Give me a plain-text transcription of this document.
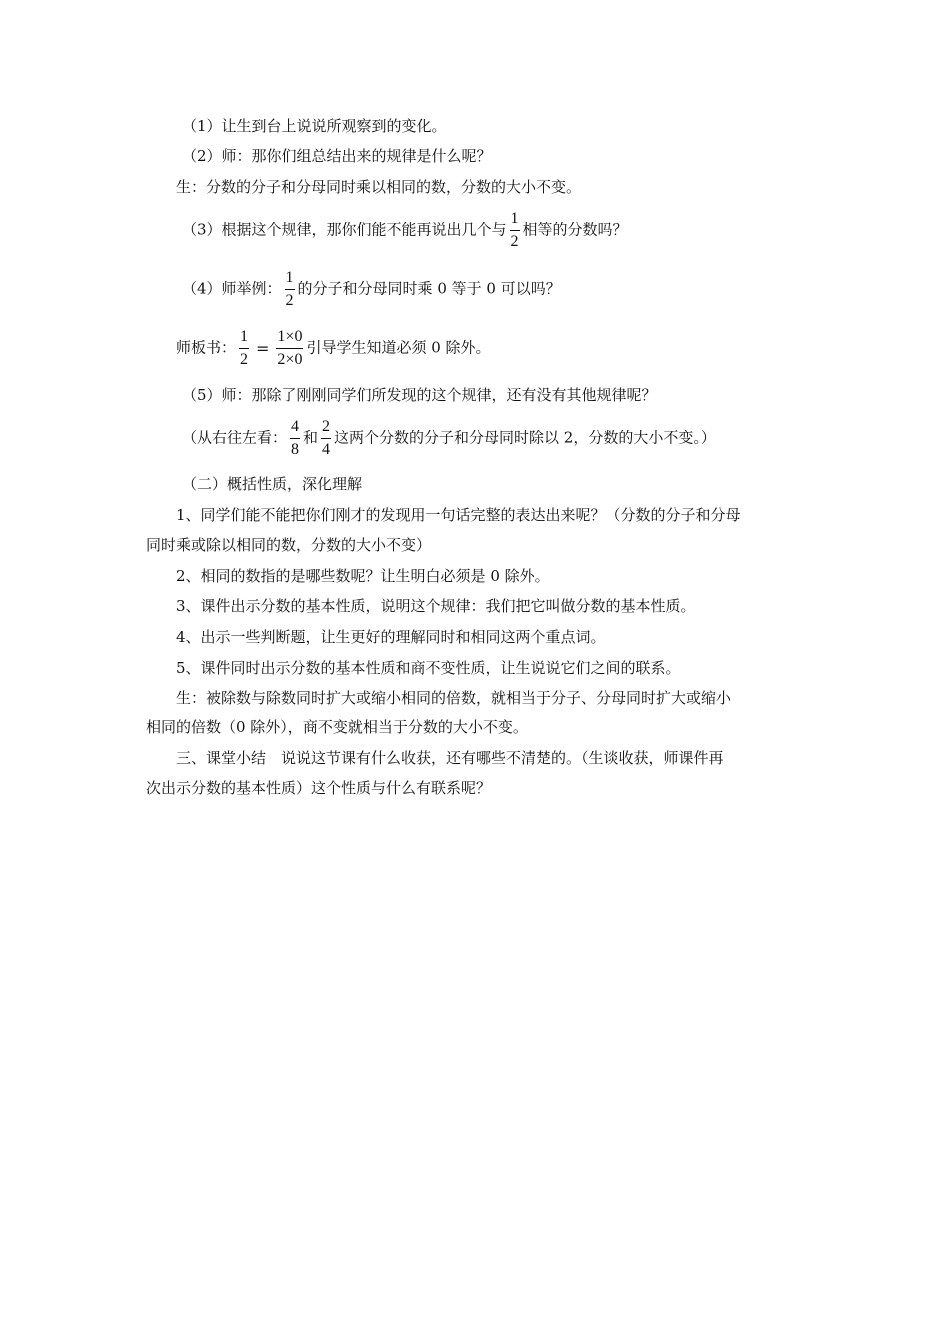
（1）让生到台上说说所观察到的变化。
（2）师：那你们组总结出来的规律是什么呢？
生：分数的分子和分母同时乘以相同的数，分数的大小不变。
（3）根据这个规律，那你们能不能再说出几个与 $\frac{1}{2}$ 相等的分数吗？
（4）师举例： $\frac{1}{2}$ 的分子和分母同时乘 0 等于 0 可以吗？
师板书： $\frac{1}{2} = \frac{1\times 0}{2\times 0}$ 引导学生知道必须 0 除外。
（5）师：那除了刚刚同学们所发现的这个规律，还有没有其他规律呢？
（从右往左看： $\frac{4}{8}$ 和 $\frac{2}{4}$ 这两个分数的分子和分母同时除以 2，分数的大小不变。）
（二）概括性质，深化理解
1、同学们能不能把你们刚才的发现用一句话完整的表达出来呢？（分数的分子和分母
同时乘或除以相同的数，分数的大小不变）
2、相同的数指的是哪些数呢？让生明白必须是 0 除外。
3、课件出示分数的基本性质，说明这个规律：我们把它叫做分数的基本性质。
4、出示一些判断题，让生更好的理解同时和相同这两个重点词。
5、课件同时出示分数的基本性质和商不变性质，让生说说它们之间的联系。
生：被除数与除数同时扩大或缩小相同的倍数，就相当于分子、分母同时扩大或缩小
相同的倍数（0 除外），商不变就相当于分数的大小不变。
三、课堂小结　说说这节课有什么收获，还有哪些不清楚的。（生谈收获，师课件再
次出示分数的基本性质）这个性质与什么有联系呢？
